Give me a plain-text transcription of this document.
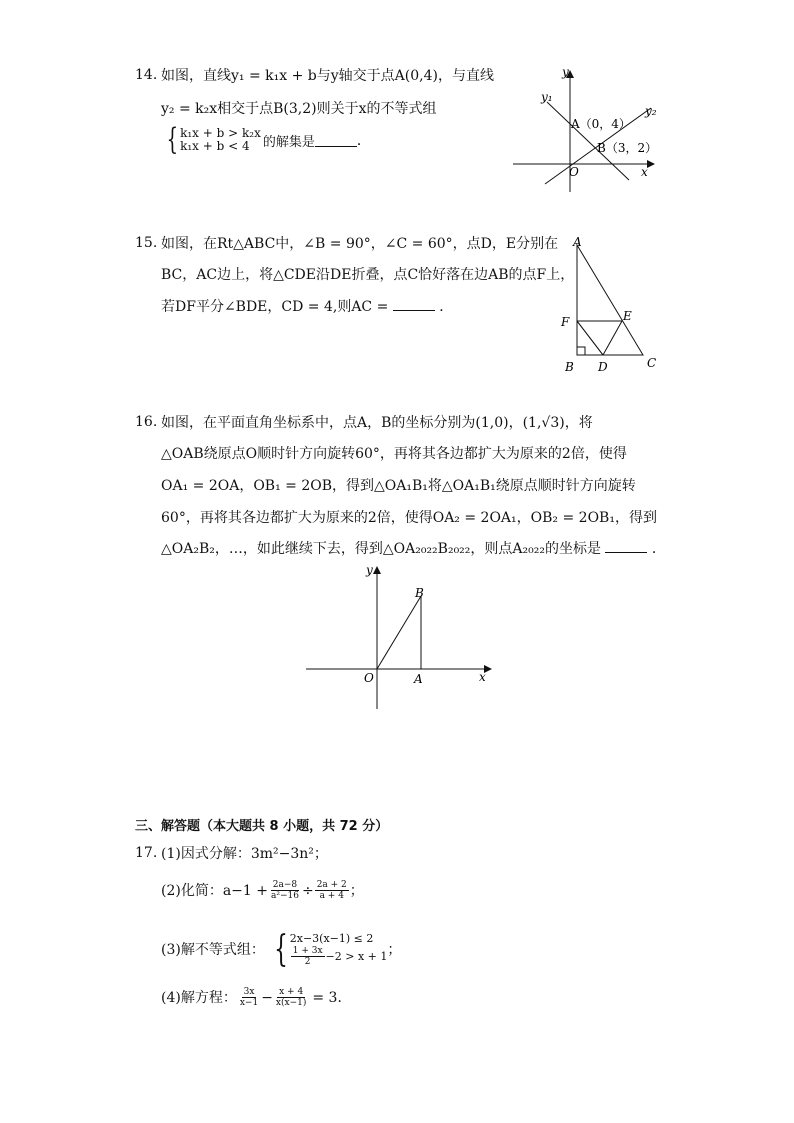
14. 如图，直线y₁ = k₁x + b与y轴交于点A(0,4)，与直线
y₂ = k₂x相交于点B(3,2)则关于x的不等式组
{ k₁x + b > k₂x
k₁x + b < 4	的解集是	．
y
x
O
y₁
y₂
A（0，4）
B（3，2）
15. 如图，在Rt△ABC中，∠B = 90°，∠C = 60°，点D，E分别在
BC，AC边上，将△CDE沿DE折叠，点C恰好落在边AB的点F上，
若DF平分∠BDE，CD = 4,则AC =	．
A
B	C
D
E
F
16. 如图，在平面直角坐标系中，点A，B的坐标分别为(1,0)，(1,√3)，将
△OAB绕原点O顺时针方向旋转60°，再将其各边都扩大为原来的2倍，使得
OA₁ = 2OA，OB₁ = 2OB，得到△OA₁B₁将△OA₁B₁绕原点顺时针方向旋转
60°，再将其各边都扩大为原来的2倍，使得OA₂ = 2OA₁，OB₂ = 2OB₁，得到
△OA₂B₂，…，如此继续下去，得到△OA₂₀₂₂B₂₀₂₂，则点A₂₀₂₂的坐标是	．
y
x
O	A
B
三、解答题（本大题共 8 小题，共 72 分）
17. (1)因式分解：3m²−3n²；
(2)化简：$a-1 + \frac{2a-8}{\text{a²−16}} \div \frac{2a + 2}{a + 4}$ ；
(3)解不等式组： { 2x−3(x−1) ≤ 2
$\frac{1 + 3x}{2} -2 > x + 1$ ；
(4)解方程： $\frac{3x}{x-1} - \frac{x + 4}{x(x-1)} = 3$．
